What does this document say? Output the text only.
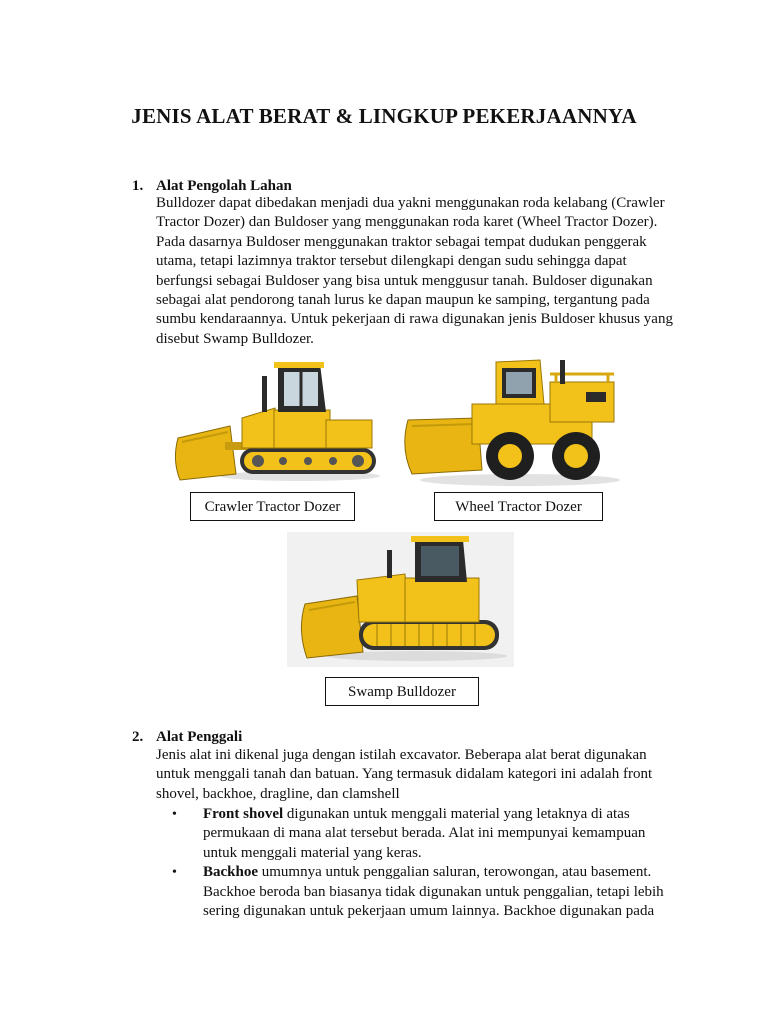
JENIS ALAT BERAT & LINGKUP PEKERJAANNYA
1. Alat Pengolah Lahan

Bulldozer dapat dibedakan menjadi dua yakni menggunakan roda kelabang (Crawler
Tractor Dozer) dan Buldoser yang menggunakan roda karet (Wheel Tractor Dozer).
Pada dasarnya Buldoser menggunakan traktor sebagai tempat dudukan penggerak
utama, tetapi lazimnya traktor tersebut dilengkapi dengan sudu sehingga dapat
berfungsi sebagai Buldoser yang bisa untuk menggusur tanah. Buldoser digunakan
sebagai alat pendorong tanah lurus ke dapan maupun ke samping, tergantung pada
sumbu kendaraannya. Untuk pekerjaan di rawa digunakan jenis Buldoser khusus yang
disebut Swamp Bulldozer.

Crawler Tractor Dozer	Wheel Tractor Dozer
Swamp Bulldozer
2. Alat Penggali

Jenis alat ini dikenal juga dengan istilah excavator. Beberapa alat berat digunakan
untuk menggali tanah dan batuan. Yang termasuk didalam kategori ini adalah front
shovel, backhoe, dragline, dan clamshell

• Front shovel digunakan untuk menggali material yang letaknya di atas
permukaan di mana alat tersebut berada. Alat ini mempunyai kemampuan
untuk menggali material yang keras.
• Backhoe umumnya untuk penggalian saluran, terowongan, atau basement.
Backhoe beroda ban biasanya tidak digunakan untuk penggalian, tetapi lebih
sering digunakan untuk pekerjaan umum lainnya. Backhoe digunakan pada
